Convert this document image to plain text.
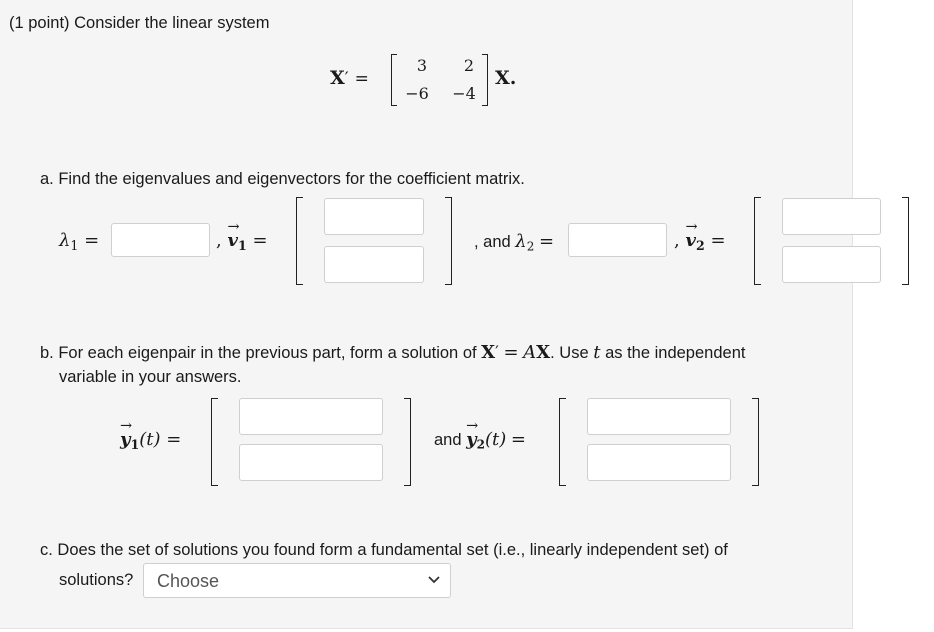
(1 point) Consider the linear system
X′ =
3	2
−6	−4
X.
a. Find the eigenvalues and eigenvectors for the coefficient matrix.
$\lambda_1$ =	, → $v_1$ =	, and $\lambda_2$ =	, → $v_2$ =
b. For each eigenpair in the previous part, form a solution of X′ = AX. Use t as the independent
variable in your answers.
→ $y_1(t)$ =	and → $y_2(t)$ =
c. Does the set of solutions you found form a fundamental set (i.e., linearly independent set) of
solutions?	Choose
